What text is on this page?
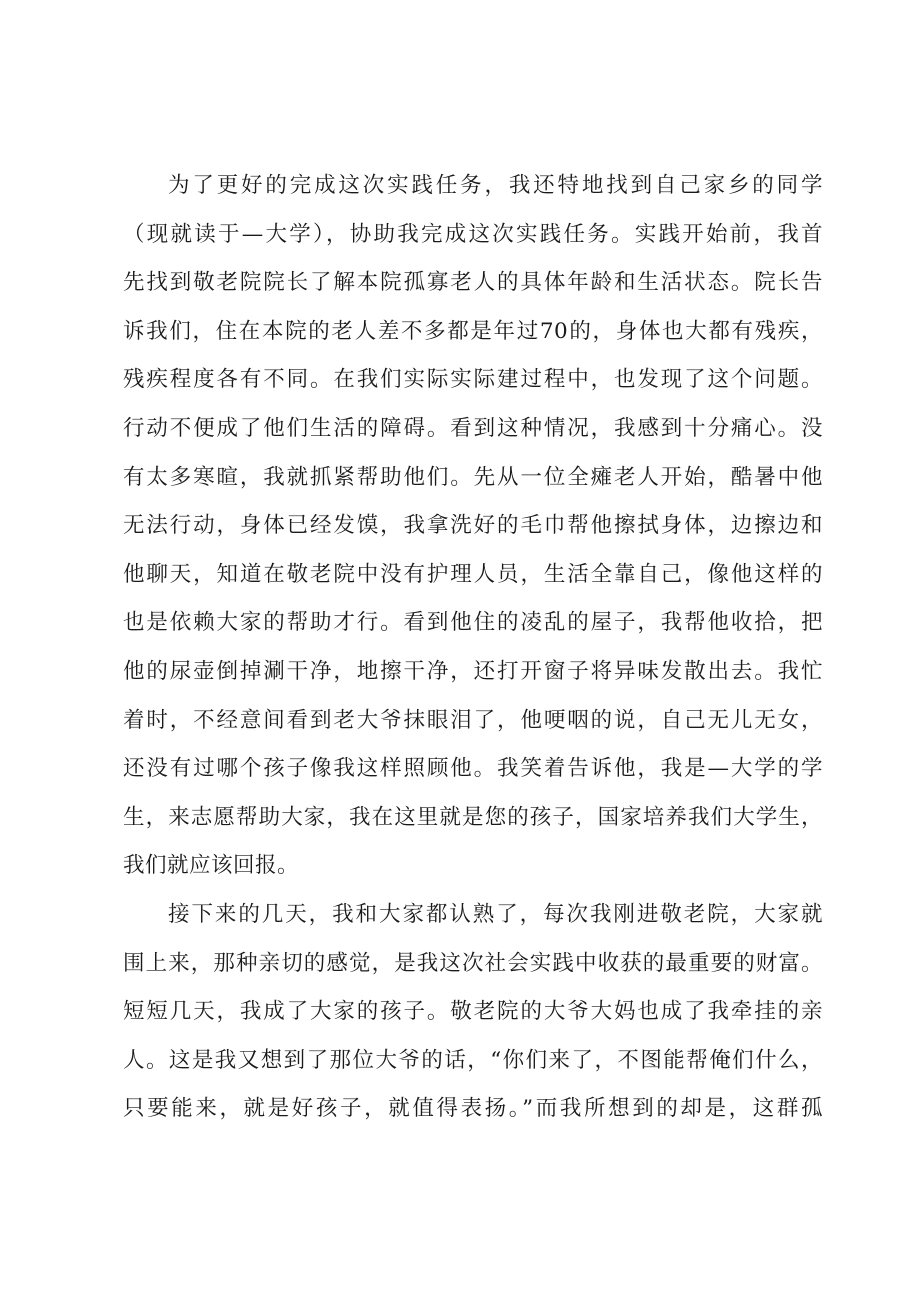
为了更好的完成这次实践任务，我还特地找到自己家乡的同学
（现就读于—大学），协助我完成这次实践任务。实践开始前，我首
先找到敬老院院长了解本院孤寡老人的具体年龄和生活状态。院长告
诉我们，住在本院的老人差不多都是年过70的，身体也大都有残疾，
残疾程度各有不同。在我们实际实际建过程中，也发现了这个问题。
行动不便成了他们生活的障碍。看到这种情况，我感到十分痛心。没
有太多寒暄，我就抓紧帮助他们。先从一位全瘫老人开始，酷暑中他
无法行动，身体已经发馍，我拿洗好的毛巾帮他擦拭身体，边擦边和
他聊天，知道在敬老院中没有护理人员，生活全靠自己，像他这样的
也是依赖大家的帮助才行。看到他住的凌乱的屋子，我帮他收拾，把
他的尿壶倒掉涮干净，地擦干净，还打开窗子将异味发散出去。我忙
着时，不经意间看到老大爷抹眼泪了，他哽咽的说，自己无儿无女，
还没有过哪个孩子像我这样照顾他。我笑着告诉他，我是—大学的学
生，来志愿帮助大家，我在这里就是您的孩子，国家培养我们大学生，
我们就应该回报。
接下来的几天，我和大家都认熟了，每次我刚进敬老院，大家就
围上来，那种亲切的感觉，是我这次社会实践中收获的最重要的财富。
短短几天，我成了大家的孩子。敬老院的大爷大妈也成了我牵挂的亲
人。这是我又想到了那位大爷的话，“你们来了，不图能帮俺们什么，
只要能来，就是好孩子，就值得表扬。”而我所想到的却是，这群孤
